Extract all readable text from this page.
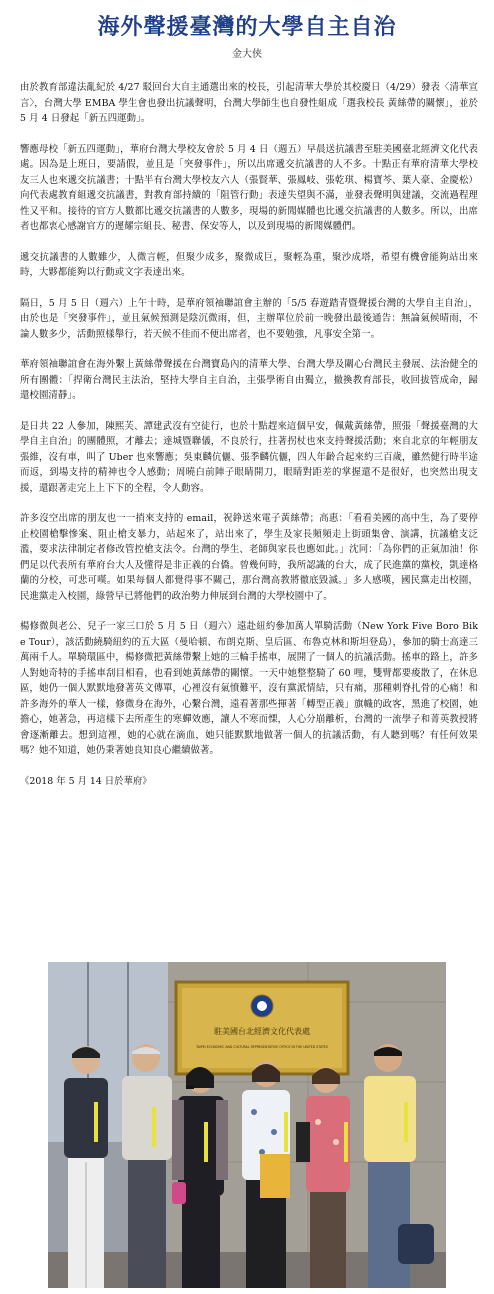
海外聲援臺灣的大學自主自治
金大侠

由於教育部違法亂紀於 4/27 駁回台大自主通選出來的校長，引起清華大學於其校慶日（4/29）發表〈清華宣言〉，台灣大學 EMBA 學生會也發出抗議聲明，台灣大學師生也自發性組成「選我校長 黃絲帶的關懷」，並於 5 月 4 日發起「新五四運動」。

響應母校「新五四運動」，華府台灣大學校友會於 5 月 4 日（週五）早晨送抗議書至駐美國臺北經濟文化代表處。因為是上班日，要請假，並且是「突發事件」，所以出席遞交抗議書的人不多。十點正有華府清華大學校友三人也來遞交抗議書；十點半有台灣大學校友六人（張賢華、張鳳岐、張乾琪、楊寶芩、葉人豪、金慶松）向代表處教育組遞交抗議書，對教育部持續的「阻管行動」表達失望與不滿，並發表聲明與建議，交流過程理性又平和。接待的官方人數都比遞交抗議書的人數多，現場的新聞媒體也比遞交抗議書的人數多。所以，出席者也都衷心感謝官方的遲耀宗組長、秘書、保安等人，以及到現場的新聞媒體們。

遞交抗議書的人數雖少，人微言輕，但聚少成多，聚微成巨，聚輕為重，聚沙成塔，希望有機會能夠站出來時，大夥都能夠以行動或文字表達出來。

隔日，5 月 5 日（週六）上午十時，是華府領袖聯誼會主辦的「5/5 春遊踏青暨聲援台灣的大學自主自治」，由於也是「突發事件」，並且氣候預測是陰沉微雨，但，主辦單位於前一晚發出最後通告：無論氣候晴雨，不論人數多少，活動照樣舉行，若天候不佳而不便出席者，也不要勉強，凡事安全第一。

華府領袖聯誼會在海外繫上黃絲帶聲援在台灣寶島內的清華大學、台灣大學及關心台灣民主發展、法治健全的所有團體：「捍衛台灣民主法治，堅持大學自主自治，主張學術自由獨立，撤換教育部長，收回拔管成命，歸還校園清靜」。

是日共 22 人參加，陳熙芙、譚建武沒有空徒行，也於十點趕來這個早安，佩戴黃絲帶，照張「聲援臺灣的大學自主自治」的團體照，才離去；達城暨聯儀，不良於行，拄著拐杖也來支持聲援活動；來自北京的年輕朋友張維，沒有車，叫了 Uber 也來響應；吳東麟伉儷、張季麟伉儷，四人年齡合起來約三百歲，雖然健行時半途而返，到場支持的精神也令人感動；周曉白前陣子眼睛開刀，眼睛對距差的掌握還不是很好，也突然出現支援，還跟著走完上上下下的全程，令人動容。

許多沒空出席的朋友也一一捎來支持的 email，祝錚送來電子黃絲帶；高惠：「看看美國的高中生，為了要停止校園槍擊慘案、阻止槍支暴力，站起來了，站出來了，學生及家長頻頻走上街頭集會、演講，抗議槍支泛濫，要求法律制定者修改管控槍支法令。台灣的學生、老師與家長也應如此。」沈同：「為你們的正氣加油！你們足以代表所有華府台大人及懂得是非正義的台僑。曾幾何時，我所認識的台大，成了民進黨的黨校，凱達格蘭的分校，可悲可嘆。如果每個人都覺得事不關己，那台灣高教將徹底毀滅。」多人感嘆，國民黨走出校園，民進黨走入校園，綠營早已將他們的政治勢力伸展到台灣的大學校園中了。

楊修微與老公、兒子一家三口於 5 月 5 日（週六）遠赴紐約參加萬人單騎活動（New York Five Boro Bike Tour），該活動繞騎紐約的五大區（曼哈頓、布朗克斯、皇后區、布魯克林和斯坦登島），參加的騎士高達三萬兩千人。單騎環區中，楊修微把黃絲帶繫上她的三輪手搖車，展開了一個人的抗議活動。搖車的路上，許多人對她奇特的手搖車刮目相看，也看到她黃絲帶的關懷。一天中她整整騎了 60 哩，雙臂都要痠散了，在休息區，她仍一個人默默地發著英文傳單，心裡沒有氣憤難平，沒有黨派情結，只有痛，那種刺脊扎骨的心痛！和許多海外的華人一樣，修微身在海外，心繫台灣，遠看著那些揮著「轉型正義」旗幟的政客，黑進了校園，她擔心，她著急，再這樣下去所產生的寒蟬效應，讓人不寒而慄，人心分崩離析，台灣的一流學子和菁英教授將會逐漸離去。想到這裡，她的心就在滴血，她只能默默地做著一個人的抗議活動，有人聽到嗎？有任何效果嗎？她不知道，她仍秉著她良知良心繼續做著。

《2018 年 5 月 14 日於華府》

駐美國台北經濟文化代表處
TAIPEI ECONOMIC AND CULTURAL REPRESENTATIVE OFFICE IN THE UNITED STATES
